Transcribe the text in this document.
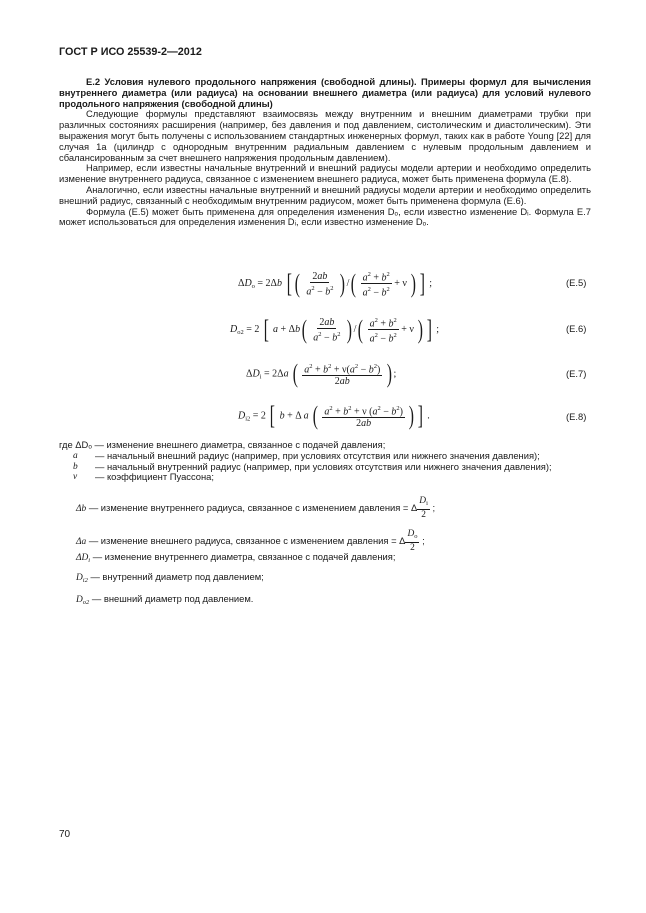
ГОСТ Р ИСО 25539-2—2012

Е.2 Условия нулевого продольного напряжения (свободной длины). Примеры формул для вычисления внутреннего диаметра (или радиуса) на основании внешнего диаметра (или радиуса) для условий нулевого продольного напряжения (свободной длины)

Следующие формулы представляют взаимосвязь между внутренним и внешним диаметрами трубки при различных состояниях расширения (например, без давления и под давлением, систолическим и диастолическим). Эти выражения могут быть получены с использованием стандартных инженерных формул, таких как в работе Young [22] для случая 1а (цилиндр с однородным внутренним радиальным давлением с нулевым продольным давлением и сбалансированным за счет внешнего напряжения продольным давлением).

Например, если известны начальные внутренний и внешний радиусы модели артерии и необходимо определить изменение внутреннего радиуса, связанное с изменением внешнего радиуса, может быть применена формула (Е.8).

Аналогично, если известны начальные внутренний и внешний радиусы модели артерии и необходимо определить внешний радиус, связанный с необходимым внутренним радиусом, может быть применена формула (Е.6).

Формула (Е.5) может быть применена для определения изменения Dₒ, если известно изменение Dᵢ. Формула Е.7 может использоваться для определения изменения Dᵢ, если известно изменение Dₒ.

$\Delta D_o = 2\Delta b$ [ ( $\frac{2ab}{a^2 - b^2}$ ) /( $\frac{a^2 + b^2}{a^2 - b^2} + \nu$ ) ] ;	(Е.5)
$D_{o2} = 2$ [ $a + \Delta b( \frac{2ab}{a^2 - b^2}$ ) /( $\frac{a^2 + b^2}{a^2 - b^2} + \nu$ ) ] ;	(Е.6)
$\Delta D_i = 2\Delta a$ ( $\frac{a^2 + b^2 + \nu(a^2 - b^2)}{2ab}$ ) ;	(Е.7)
$D_{i2} = 2$ [ b + Δ a ( $\frac{a^2 + b^2 + \nu (a^2 - b^2)}{2ab}$ ) ] .	(Е.8)
где ΔDₒ — изменение внешнего диаметра, связанное с подачей давления;
a — начальный внешний радиус (например, при условиях отсутствия или нижнего значения давления);
b — начальный внутренний радиус (например, при условиях отсутствия или нижнего значения давления);
ν — коэффициент Пуассона;
Δb — изменение внутреннего радиуса, связанное с изменением давления = Δ $\frac{D_i}{2}$ ;
Δa — изменение внешнего радиуса, связанное с изменением давления = Δ $\frac{D_o}{2}$ ;
$\Delta D_i$ — изменение внутреннего диаметра, связанное с подачей давления;
$D_{i2}$ — внутренний диаметр под давлением;
$D_{o2}$ — внешний диаметр под давлением.
70
